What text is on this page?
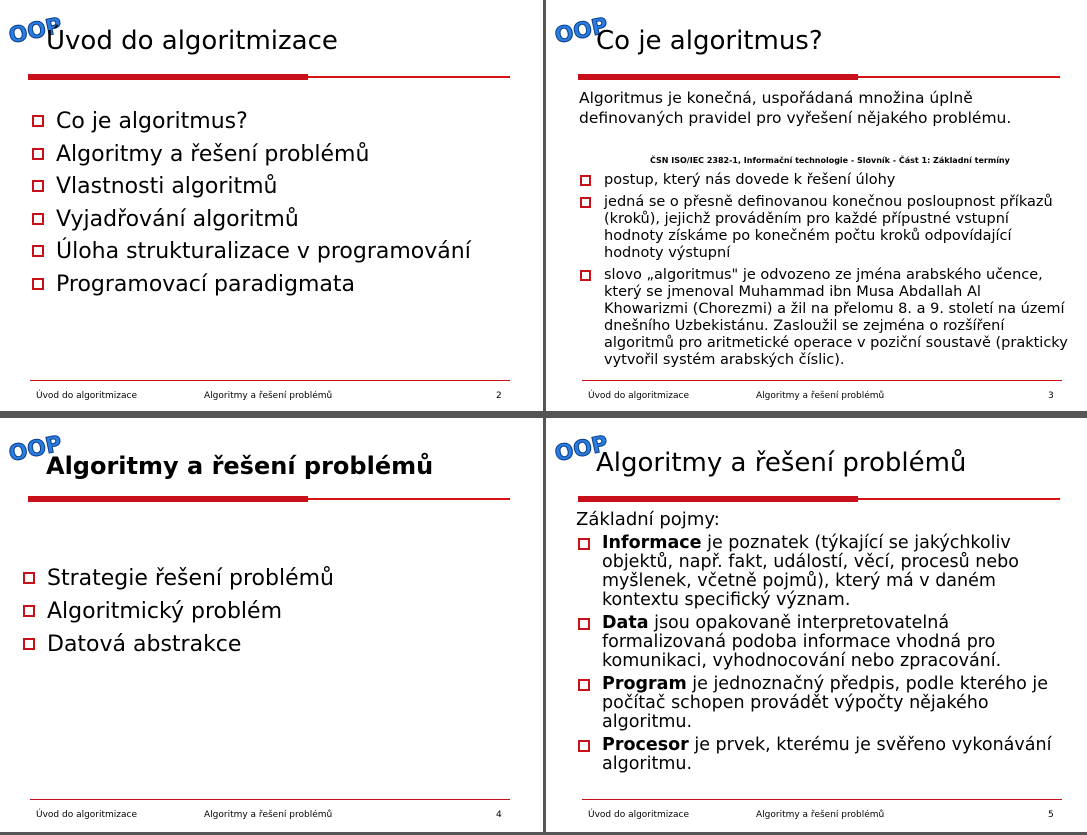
OOP
Úvod do algoritmizace
Co je algoritmus?
Algoritmy a řešení problémů
Vlastnosti algoritmů
Vyjadřování algoritmů
Úloha strukturalizace v programování
Programovací paradigmata
Úvod do algoritmizace	Algoritmy a řešení problémů	2
OOP
Co je algoritmus?
Algoritmus je konečná, uspořádaná množina úplně definovaných pravidel pro vyřešení nějakého problému.
ČSN ISO/IEC 2382-1, Informační technologie - Slovník - Část 1: Základní termíny
postup, který nás dovede k řešení úlohy
jedná se o přesně definovanou konečnou posloupnost příkazů (kroků), jejichž prováděním pro každé přípustné vstupní hodnoty získáme po konečném počtu kroků odpovídající hodnoty výstupní
slovo „algoritmus" je odvozeno ze jména arabského učence, který se jmenoval Muhammad ibn Musa Abdallah Al Khowarizmi (Chorezmi) a žil na přelomu 8. a 9. století na území dnešního Uzbekistánu. Zasloužil se zejména o rozšíření algoritmů pro aritmetické operace v poziční soustavě (prakticky vytvořil systém arabských číslic).
Úvod do algoritmizace	Algoritmy a řešení problémů	3
OOP
Algoritmy a řešení problémů
Strategie řešení problémů
Algoritmický problém
Datová abstrakce
Úvod do algoritmizace	Algoritmy a řešení problémů	4
OOP
Algoritmy a řešení problémů
Základní pojmy:
Informace je poznatek (týkající se jakýchkoliv objektů, např. fakt, událostí, věcí, procesů nebo myšlenek, včetně pojmů), který má v daném kontextu specifický význam.
Data jsou opakovaně interpretovatelná formalizovaná podoba informace vhodná pro komunikaci, vyhodnocování nebo zpracování.
Program je jednoznačný předpis, podle kterého je počítač schopen provádět výpočty nějakého algoritmu.
Procesor je prvek, kterému je svěřeno vykonávání algoritmu.
Úvod do algoritmizace	Algoritmy a řešení problémů	5
